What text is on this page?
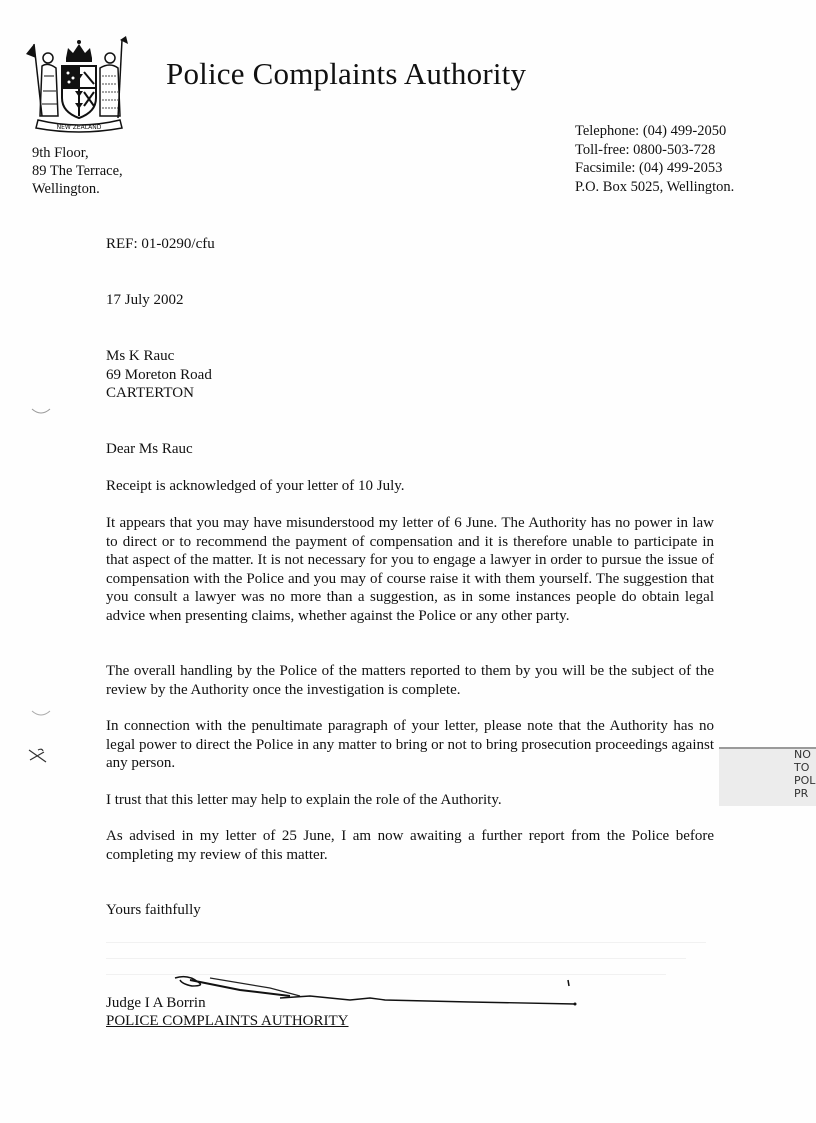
NEW ZEALAND
Police Complaints Authority
9th Floor,
89 The Terrace,
Wellington.
Telephone: (04) 499-2050
Toll-free: 0800-503-728
Facsimile: (04) 499-2053
P.O. Box 5025, Wellington.
REF: 01-0290/cfu
17 July 2002
Ms K Rauc
69 Moreton Road
CARTERTON
Dear Ms Rauc
Receipt is acknowledged of your letter of 10 July.
It appears that you may have misunderstood my letter of 6 June. The Authority has no power in law to direct or to recommend the payment of compensation and it is therefore unable to participate in that aspect of the matter. It is not necessary for you to engage a lawyer in order to pursue the issue of compensation with the Police and you may of course raise it with them yourself. The suggestion that you consult a lawyer was no more than a suggestion, as in some instances people do obtain legal advice when presenting claims, whether against the Police or any other party.
The overall handling by the Police of the matters reported to them by you will be the subject of the review by the Authority once the investigation is complete.
In connection with the penultimate paragraph of your letter, please note that the Authority has no legal power to direct the Police in any matter to bring or not to bring prosecution proceedings against any person.
I trust that this letter may help to explain the role of the Authority.
As advised in my letter of 25 June, I am now awaiting a further report from the Police before completing my review of this matter.
Yours faithfully
Judge I A Borrin
POLICE COMPLAINTS AUTHORITY
NO
TO
POL
PR
